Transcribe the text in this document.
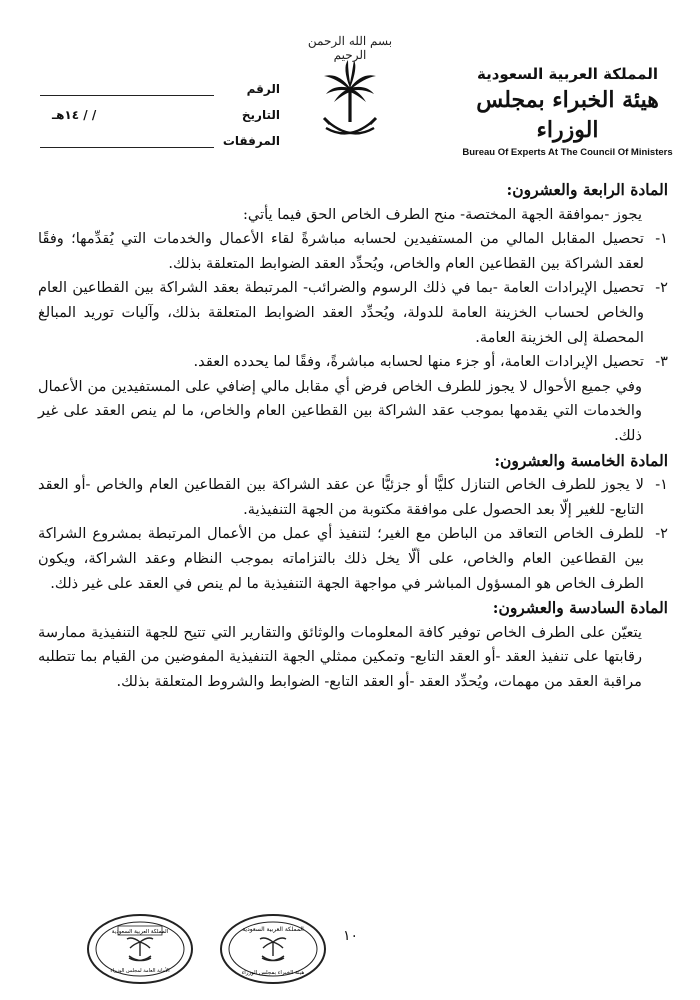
بسم الله الرحمن الرحيم
المملكة العربية السعودية
هيئة الخبراء بمجلس الوزراء
Bureau Of Experts At The Council Of Ministers
الرقم
التاريخ
/ / ١٤هـ
المرفقات

المادة الرابعة والعشرون:

يجوز -بموافقة الجهة المختصة- منح الطرف الخاص الحق فيما يأتي:

١-
تحصيل المقابل المالي من المستفيدين لحسابه مباشرةً لقاء الأعمال والخدمات التي يُقدِّمها؛ وفقًا لعقد الشراكة بين القطاعين العام والخاص، ويُحدِّد العقد الضوابط المتعلقة بذلك.
٢-
تحصيل الإيرادات العامة -بما في ذلك الرسوم والضرائب- المرتبطة بعقد الشراكة بين القطاعين العام والخاص لحساب الخزينة العامة للدولة، ويُحدِّد العقد الضوابط المتعلقة بذلك، وآليات توريد المبالغ المحصلة إلى الخزينة العامة.
٣-
تحصيل الإيرادات العامة، أو جزء منها لحسابه مباشرةً، وفقًا لما يحدده العقد.

وفي جميع الأحوال لا يجوز للطرف الخاص فرض أي مقابل مالي إضافي على المستفيدين من الأعمال والخدمات التي يقدمها بموجب عقد الشراكة بين القطاعين العام والخاص، ما لم ينص العقد على غير ذلك.

المادة الخامسة والعشرون:

١-
لا يجوز للطرف الخاص التنازل كليًّا أو جزئيًّا عن عقد الشراكة بين القطاعين العام والخاص -أو العقد التابع- للغير إلّا بعد الحصول على موافقة مكتوبة من الجهة التنفيذية.
٢-
للطرف الخاص التعاقد من الباطن مع الغير؛ لتنفيذ أي عمل من الأعمال المرتبطة بمشروع الشراكة بين القطاعين العام والخاص، على ألّا يخل ذلك بالتزاماته بموجب النظام وعقد الشراكة، ويكون الطرف الخاص هو المسؤول المباشر في مواجهة الجهة التنفيذية ما لم ينص في العقد على غير ذلك.

المادة السادسة والعشرون:

يتعيّن على الطرف الخاص توفير كافة المعلومات والوثائق والتقارير التي تتيح للجهة التنفيذية ممارسة رقابتها على تنفيذ العقد -أو العقد التابع- وتمكين ممثلي الجهة التنفيذية المفوضين من القيام بما تتطلبه مراقبة العقد من مهمات، ويُحدِّد العقد -أو العقد التابع- الضوابط والشروط المتعلقة بذلك.

١٠
المملكة العربية السعودية
الأمانة العامة لمجلس الوزراء
المملكة العربية السعودية
هيئة الخبراء بمجلس الوزراء
